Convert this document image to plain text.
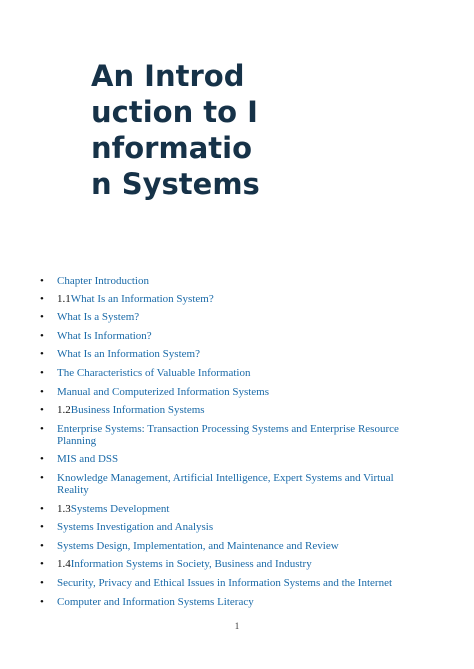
An Introduction to Information Systems
•	Chapter Introduction
•	1.1What Is an Information System?
•	What Is a System?
•	What Is Information?
•	What Is an Information System?
•	The Characteristics of Valuable Information
•	Manual and Computerized Information Systems
•	1.2Business Information Systems
•	Enterprise Systems: Transaction Processing Systems and Enterprise Resource Planning
•	MIS and DSS
•	Knowledge Management, Artificial Intelligence, Expert Systems and Virtual Reality
•	1.3Systems Development
•	Systems Investigation and Analysis
•	Systems Design, Implementation, and Maintenance and Review
•	1.4Information Systems in Society, Business and Industry
•	Security, Privacy and Ethical Issues in Information Systems and the Internet
•	Computer and Information Systems Literacy
1
